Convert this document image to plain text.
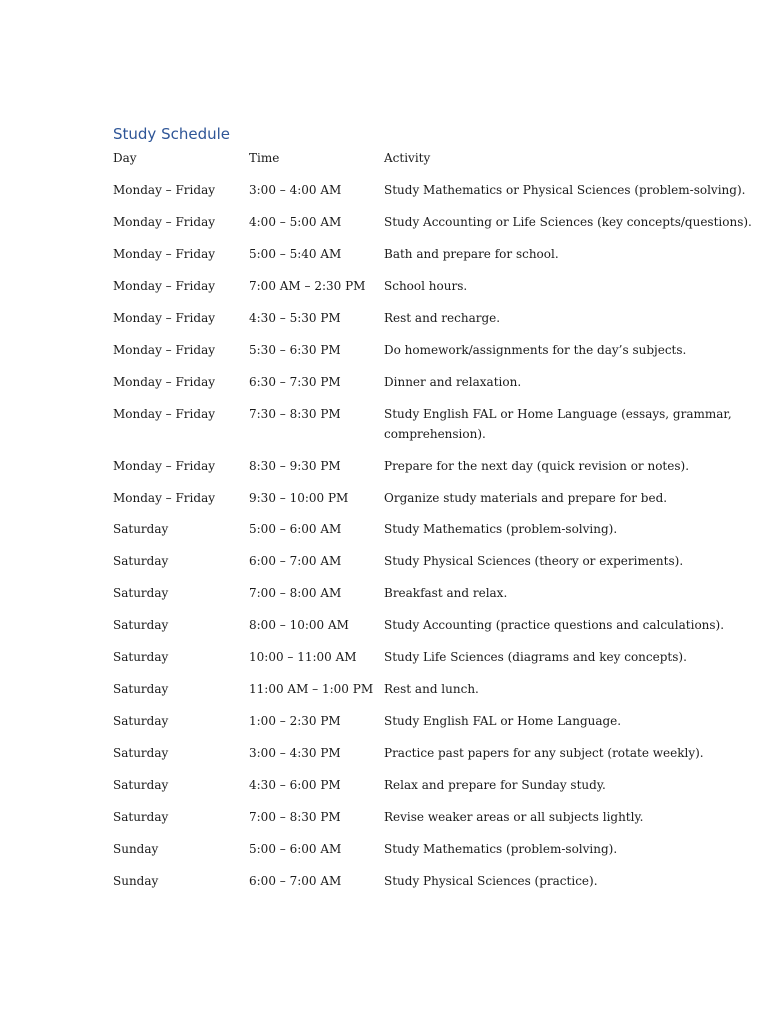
Study Schedule
Day	Time	Activity
Monday – Friday	3:00 – 4:00 AM	Study Mathematics or Physical Sciences (problem-solving).
Monday – Friday	4:00 – 5:00 AM	Study Accounting or Life Sciences (key concepts/questions).
Monday – Friday	5:00 – 5:40 AM	Bath and prepare for school.
Monday – Friday	7:00 AM – 2:30 PM	School hours.
Monday – Friday	4:30 – 5:30 PM	Rest and recharge.
Monday – Friday	5:30 – 6:30 PM	Do homework/assignments for the day’s subjects.
Monday – Friday	6:30 – 7:30 PM	Dinner and relaxation.
Monday – Friday	7:30 – 8:30 PM	Study English FAL or Home Language (essays, grammar, comprehension).
Monday – Friday	8:30 – 9:30 PM	Prepare for the next day (quick revision or notes).
Monday – Friday	9:30 – 10:00 PM	Organize study materials and prepare for bed.
Saturday	5:00 – 6:00 AM	Study Mathematics (problem-solving).
Saturday	6:00 – 7:00 AM	Study Physical Sciences (theory or experiments).
Saturday	7:00 – 8:00 AM	Breakfast and relax.
Saturday	8:00 – 10:00 AM	Study Accounting (practice questions and calculations).
Saturday	10:00 – 11:00 AM	Study Life Sciences (diagrams and key concepts).
Saturday	11:00 AM – 1:00 PM	Rest and lunch.
Saturday	1:00 – 2:30 PM	Study English FAL or Home Language.
Saturday	3:00 – 4:30 PM	Practice past papers for any subject (rotate weekly).
Saturday	4:30 – 6:00 PM	Relax and prepare for Sunday study.
Saturday	7:00 – 8:30 PM	Revise weaker areas or all subjects lightly.
Sunday	5:00 – 6:00 AM	Study Mathematics (problem-solving).
Sunday	6:00 – 7:00 AM	Study Physical Sciences (practice).
